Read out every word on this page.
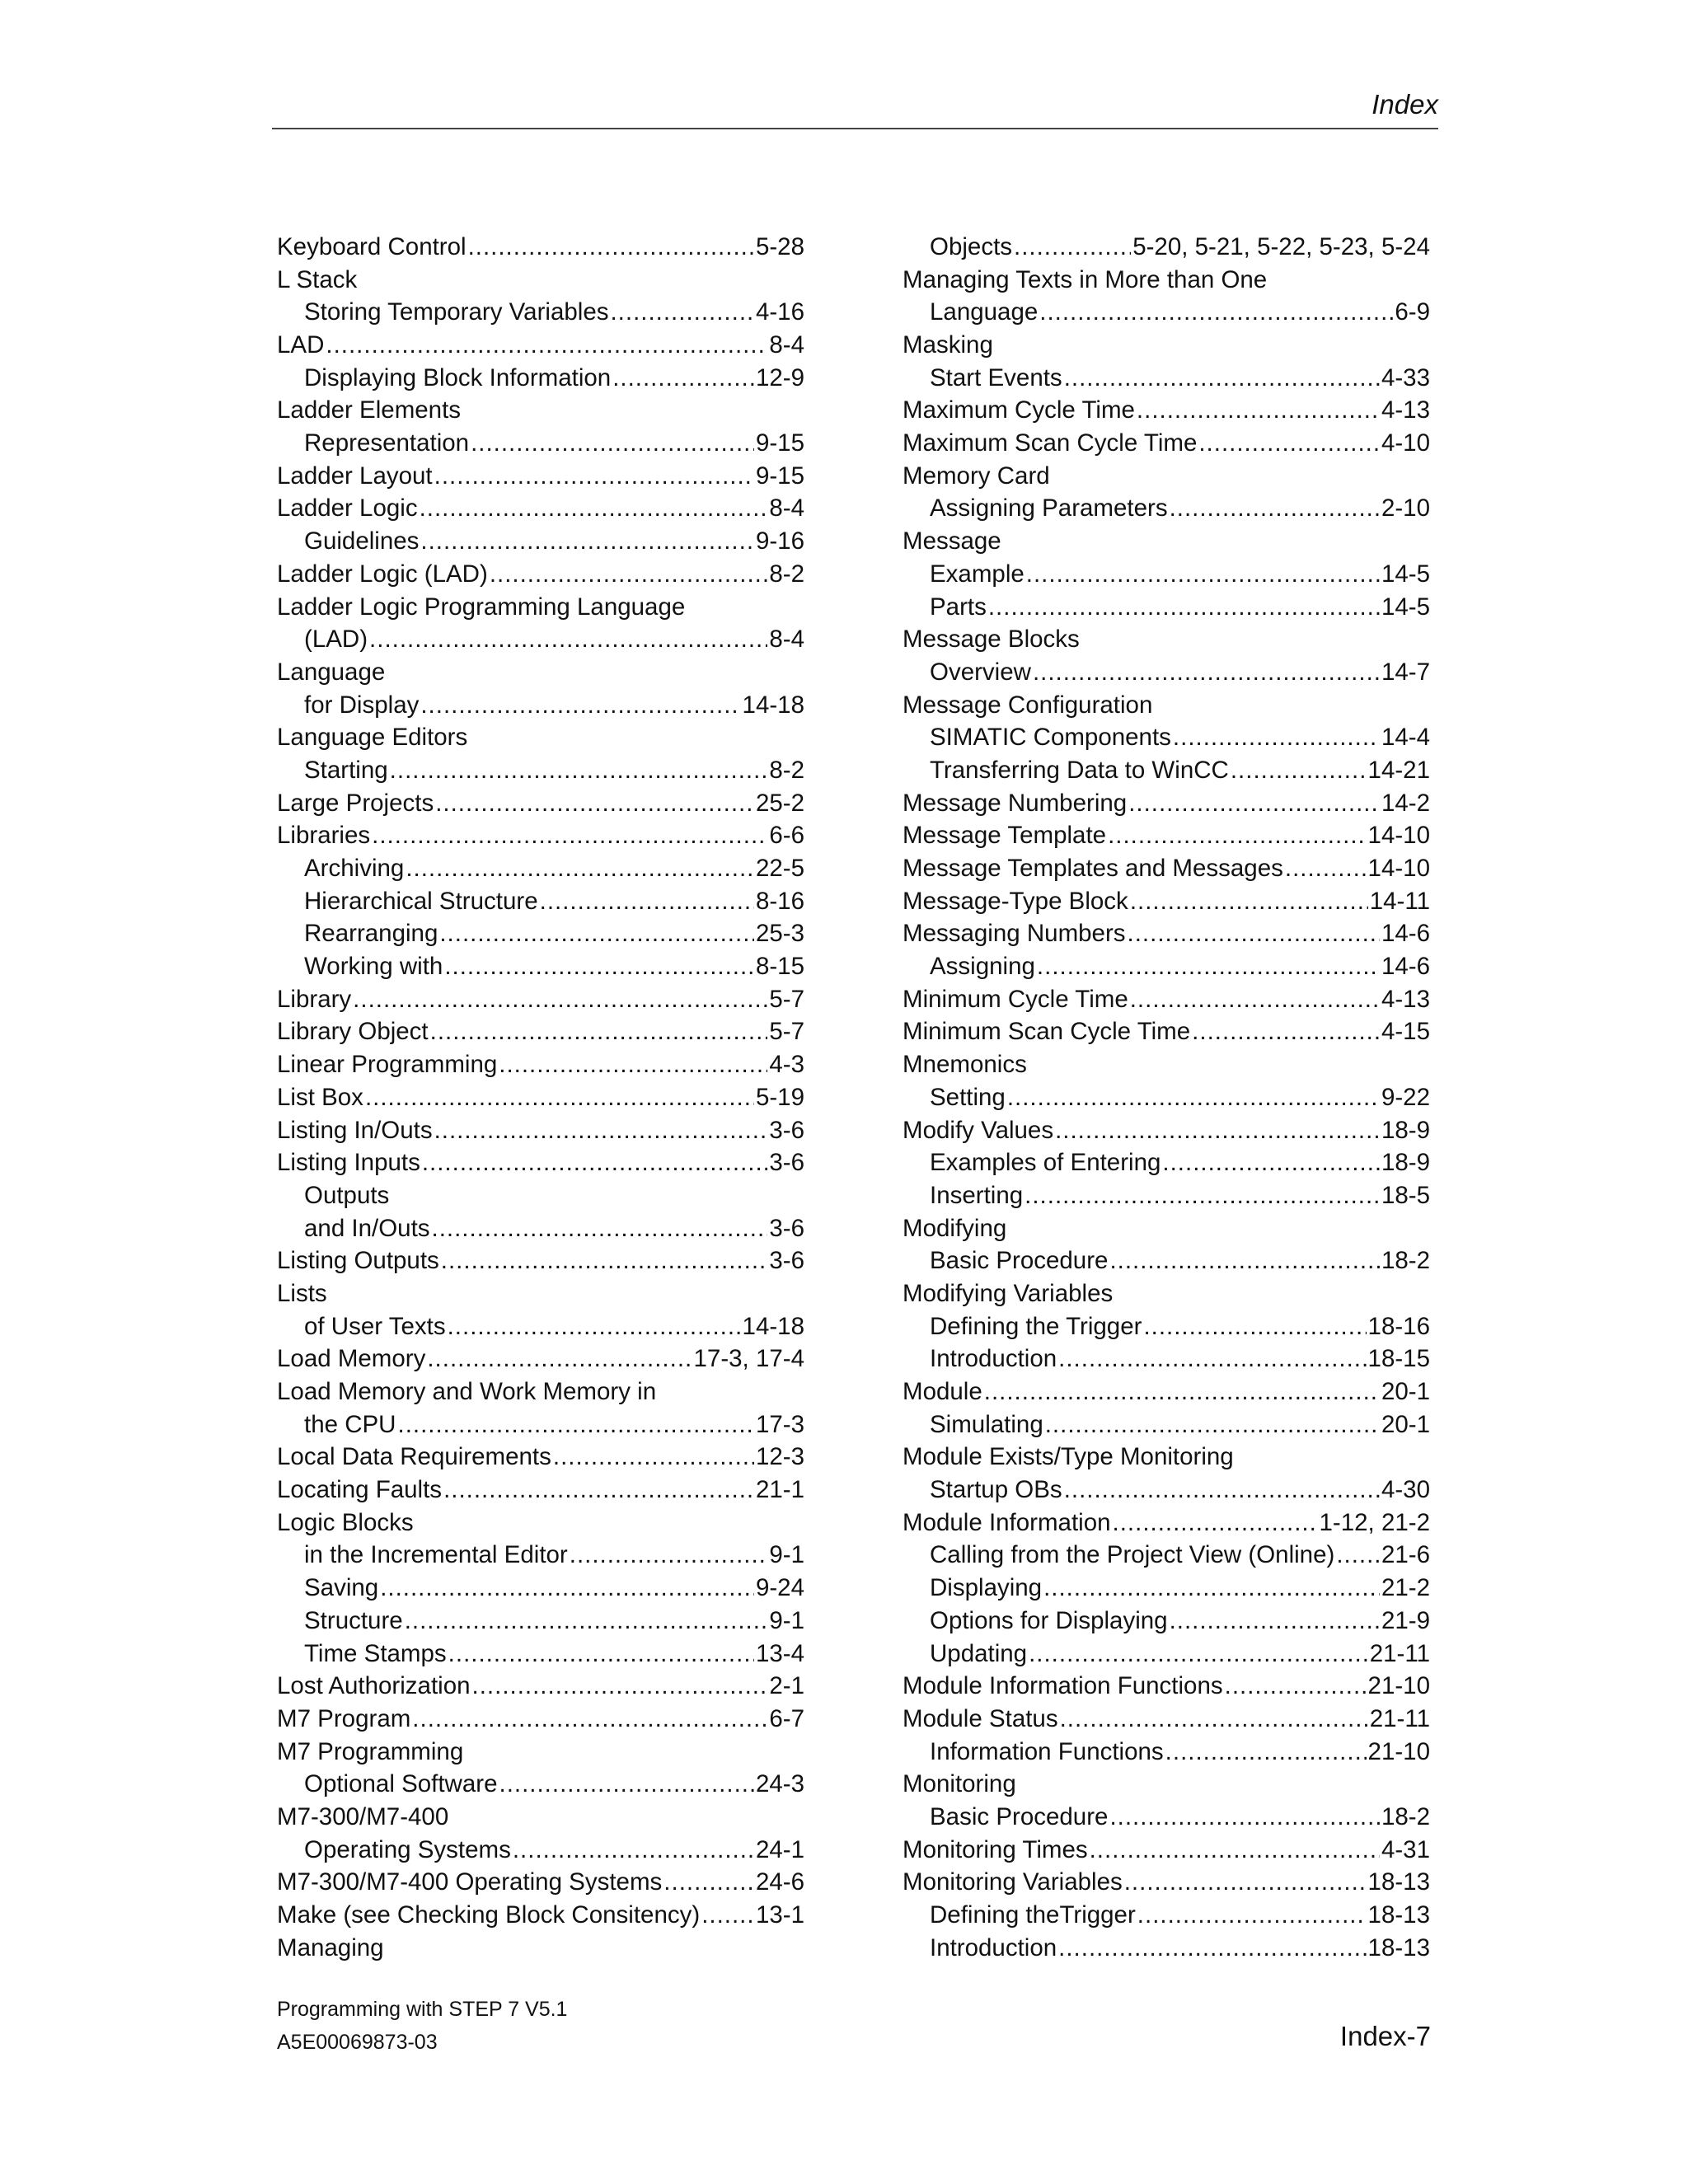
Index
Keyboard Control .....	5-28
L Stack
Storing Temporary Variables .....	4-16
LAD .....	8-4
Displaying Block Information .....	12-9
Ladder Elements
Representation .....	9-15
Ladder Layout .....	9-15
Ladder Logic .....	8-4
Guidelines .....	9-16
Ladder Logic (LAD) .....	8-2
Ladder Logic Programming Language
(LAD) .....	8-4
Language
for Display .....	14-18
Language Editors
Starting .....	8-2
Large Projects .....	25-2
Libraries .....	6-6
Archiving .....	22-5
Hierarchical Structure .....	8-16
Rearranging .....	25-3
Working with .....	8-15
Library .....	5-7
Library Object .....	5-7
Linear Programming .....	4-3
List Box .....	5-19
Listing In/Outs .....	3-6
Listing Inputs .....	3-6
Outputs
and In/Outs .....	3-6
Listing Outputs .....	3-6
Lists
of User Texts .....	14-18
Load Memory .....	17-3, 17-4
Load Memory and Work Memory in
the CPU .....	17-3
Local Data Requirements .....	12-3
Locating Faults .....	21-1
Logic Blocks
in the Incremental Editor .....	9-1
Saving .....	9-24
Structure .....	9-1
Time Stamps .....	13-4
Lost Authorization .....	2-1
M7 Program .....	6-7
M7 Programming
Optional Software .....	24-3
M7-300/M7-400
Operating Systems .....	24-1
M7-300/M7-400 Operating Systems .....	24-6
Make (see Checking Block Consitency) ..... 13-1
Managing
Objects .....	5-20, 5-21, 5-22, 5-23, 5-24
Managing Texts in More than One
Language .....	6-9
Masking
Start Events .....	4-33
Maximum Cycle Time .....	4-13
Maximum Scan Cycle Time .....	4-10
Memory Card
Assigning Parameters .....	2-10
Message
Example .....	14-5
Parts .....	14-5
Message Blocks
Overview .....	14-7
Message Configuration
SIMATIC Components .....	14-4
Transferring Data to WinCC .....	14-21
Message Numbering .....	14-2
Message Template .....	14-10
Message Templates and Messages .....	14-10
Message-Type Block .....	14-11
Messaging Numbers .....	14-6
Assigning .....	14-6
Minimum Cycle Time .....	4-13
Minimum Scan Cycle Time .....	4-15
Mnemonics
Setting .....	9-22
Modify Values .....	18-9
Examples of Entering .....	18-9
Inserting .....	18-5
Modifying
Basic Procedure .....	18-2
Modifying Variables
Defining the Trigger .....	18-16
Introduction .....	18-15
Module .....	20-1
Simulating .....	20-1
Module Exists/Type Monitoring
Startup OBs .....	4-30
Module Information .....	1-12, 21-2
Calling from the Project View (Online) ..... 21-6
Displaying .....	21-2
Options for Displaying .....	21-9
Updating .....	21-11
Module Information Functions .....	21-10
Module Status .....	21-11
Information Functions .....	21-10
Monitoring
Basic Procedure .....	18-2
Monitoring Times .....	4-31
Monitoring Variables .....	18-13
Defining theTrigger .....	18-13
Introduction .....	18-13
Programming with STEP 7 V5.1
A5E00069873-03	Index-7
